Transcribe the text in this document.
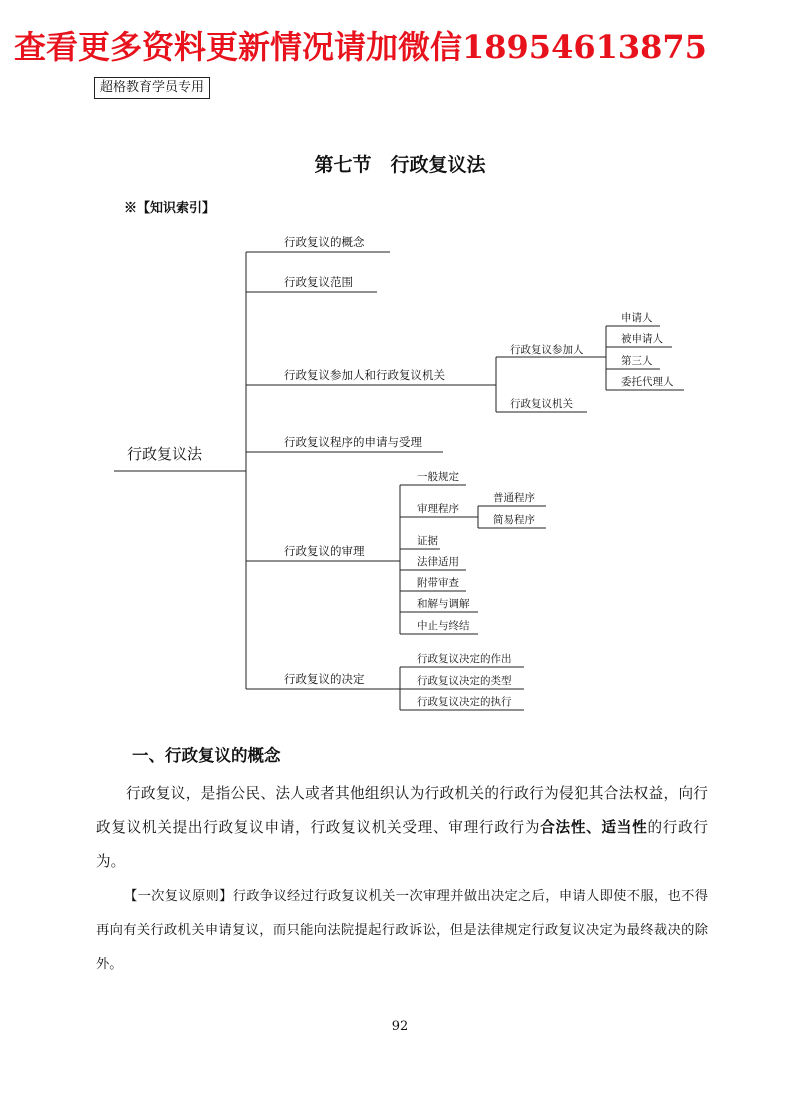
查看更多资料更新情况请加微信18954613875
超格教育学员专用
第七节　行政复议法
※【知识索引】
行政复议法
行政复议的概念
行政复议范围
行政复议参加人和行政复议机关
行政复议程序的申请与受理
行政复议的审理
行政复议的决定
行政复议参加人
行政复议机关
申请人
被申请人
第三人
委托代理人
一般规定
审理程序
证据
法律适用
附带审查
和解与调解
中止与终结
普通程序
简易程序
行政复议决定的作出
行政复议决定的类型
行政复议决定的执行
一、行政复议的概念
行政复议，是指公民、法人或者其他组织认为行政机关的行政行为侵犯其合法权益，向行政复议机关提出行政复议申请，行政复议机关受理、审理行政行为合法性、适当性的行政行为。
【一次复议原则】行政争议经过行政复议机关一次审理并做出决定之后，申请人即使不服，也不得再向有关行政机关申请复议，而只能向法院提起行政诉讼，但是法律规定行政复议决定为最终裁决的除外。
92
